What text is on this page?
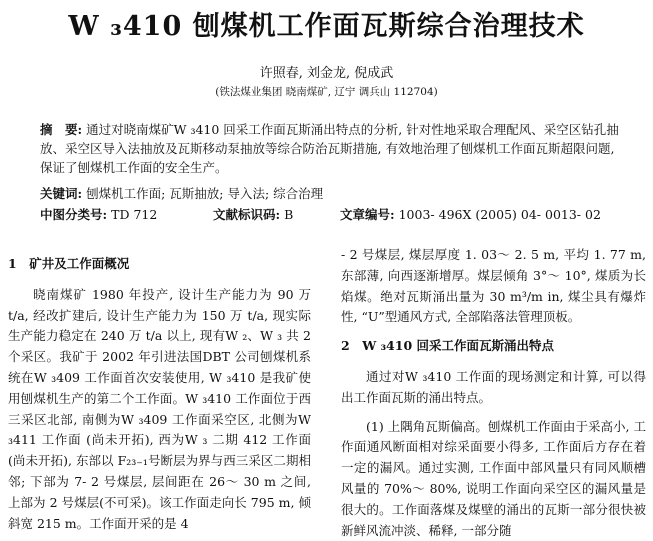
W ₃410 刨煤机工作面瓦斯综合治理技术
许照春, 刘金龙, 倪成武
(铁法煤业集团 晓南煤矿, 辽宁 调兵山 112704)
摘　要: 通过对晓南煤矿W ₃410 回采工作面瓦斯涌出特点的分析, 针对性地采取合理配风、采空区钻孔抽放、采空区导入法抽放及瓦斯移动泵抽放等综合防治瓦斯措施, 有效地治理了刨煤机工作面瓦斯超限问题, 保证了刨煤机工作面的安全生产。
关键词: 刨煤机工作面; 瓦斯抽放; 导入法; 综合治理
中图分类号: TD 712	文献标识码: B	文章编号: 1003- 496X (2005) 04- 0013- 02

1　矿井及工作面概况

晓南煤矿 1980 年投产, 设计生产能力为 90 万 t/a, 经改扩建后, 设计生产能力为 150 万 t/a, 现实际生产能力稳定在 240 万 t/a 以上, 现有W ₂、W ₃ 共 2 个采区。我矿于 2002 年引进法国DBT 公司刨煤机系统在W ₃409 工作面首次安装使用, W ₃410 是我矿使用刨煤机生产的第二个工作面。W ₃410 工作面位于西三采区北部, 南侧为W ₃409 工作面采空区, 北侧为W ₃411 工作面 (尚未开拓), 西为W ₃ 二期 412 工作面(尚未开拓), 东部以 F₂₃₋₁号断层为界与西三采区二期相邻; 下部为 7- 2 号煤层, 层间距在 26～ 30 m 之间, 上部为 2 号煤层(不可采)。该工作面走向长 795 m, 倾斜宽 215 m。工作面开采的是 4

- 2 号煤层, 煤层厚度 1. 03～ 2. 5 m, 平均 1. 77 m, 东部薄, 向西逐渐增厚。煤层倾角 3°～ 10°, 煤质为长焰煤。绝对瓦斯涌出量为 30 m³/m in, 煤尘具有爆炸性, “U”型通风方式, 全部陷落法管理顶板。

2　W ₃410 回采工作面瓦斯涌出特点

通过对W ₃410 工作面的现场测定和计算, 可以得出工作面瓦斯的涌出特点。

(1) 上隅角瓦斯偏高。刨煤机工作面由于采高小, 工作面通风断面相对综采面要小得多, 工作面后方存在着一定的漏风。通过实测, 工作面中部风量只有同风顺槽风量的 70%～ 80%, 说明工作面向采空区的漏风量是很大的。工作面落煤及煤壁的涌出的瓦斯一部分很快被新鲜风流冲淡、稀释, 一部分随
